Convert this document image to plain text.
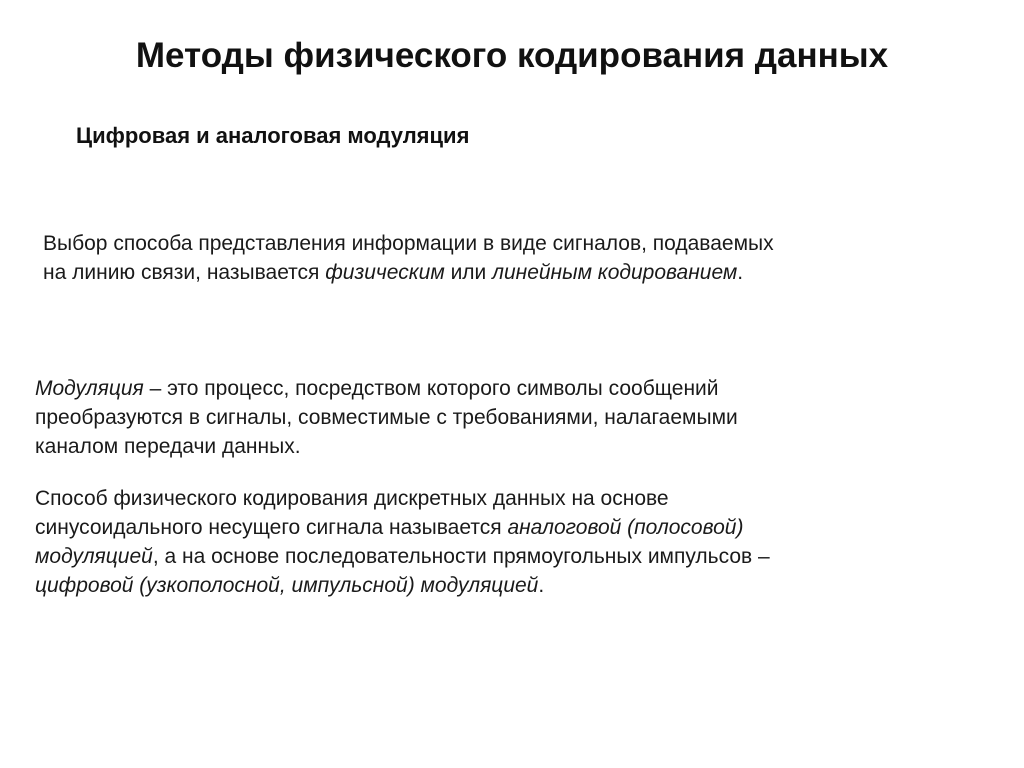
Методы физического кодирования данных
Цифровая и аналоговая модуляция
Выбор способа представления информации в виде сигналов, подаваемых
на линию связи, называется физическим или линейным кодированием.
Модуляция – это процесс, посредством которого символы сообщений
преобразуются в сигналы, совместимые с требованиями, налагаемыми
каналом передачи данных.
Способ физического кодирования дискретных данных на основе
синусоидального несущего сигнала называется аналоговой (полосовой)
модуляцией, а на основе последовательности прямоугольных импульсов –
цифровой (узкополосной, импульсной) модуляцией.
